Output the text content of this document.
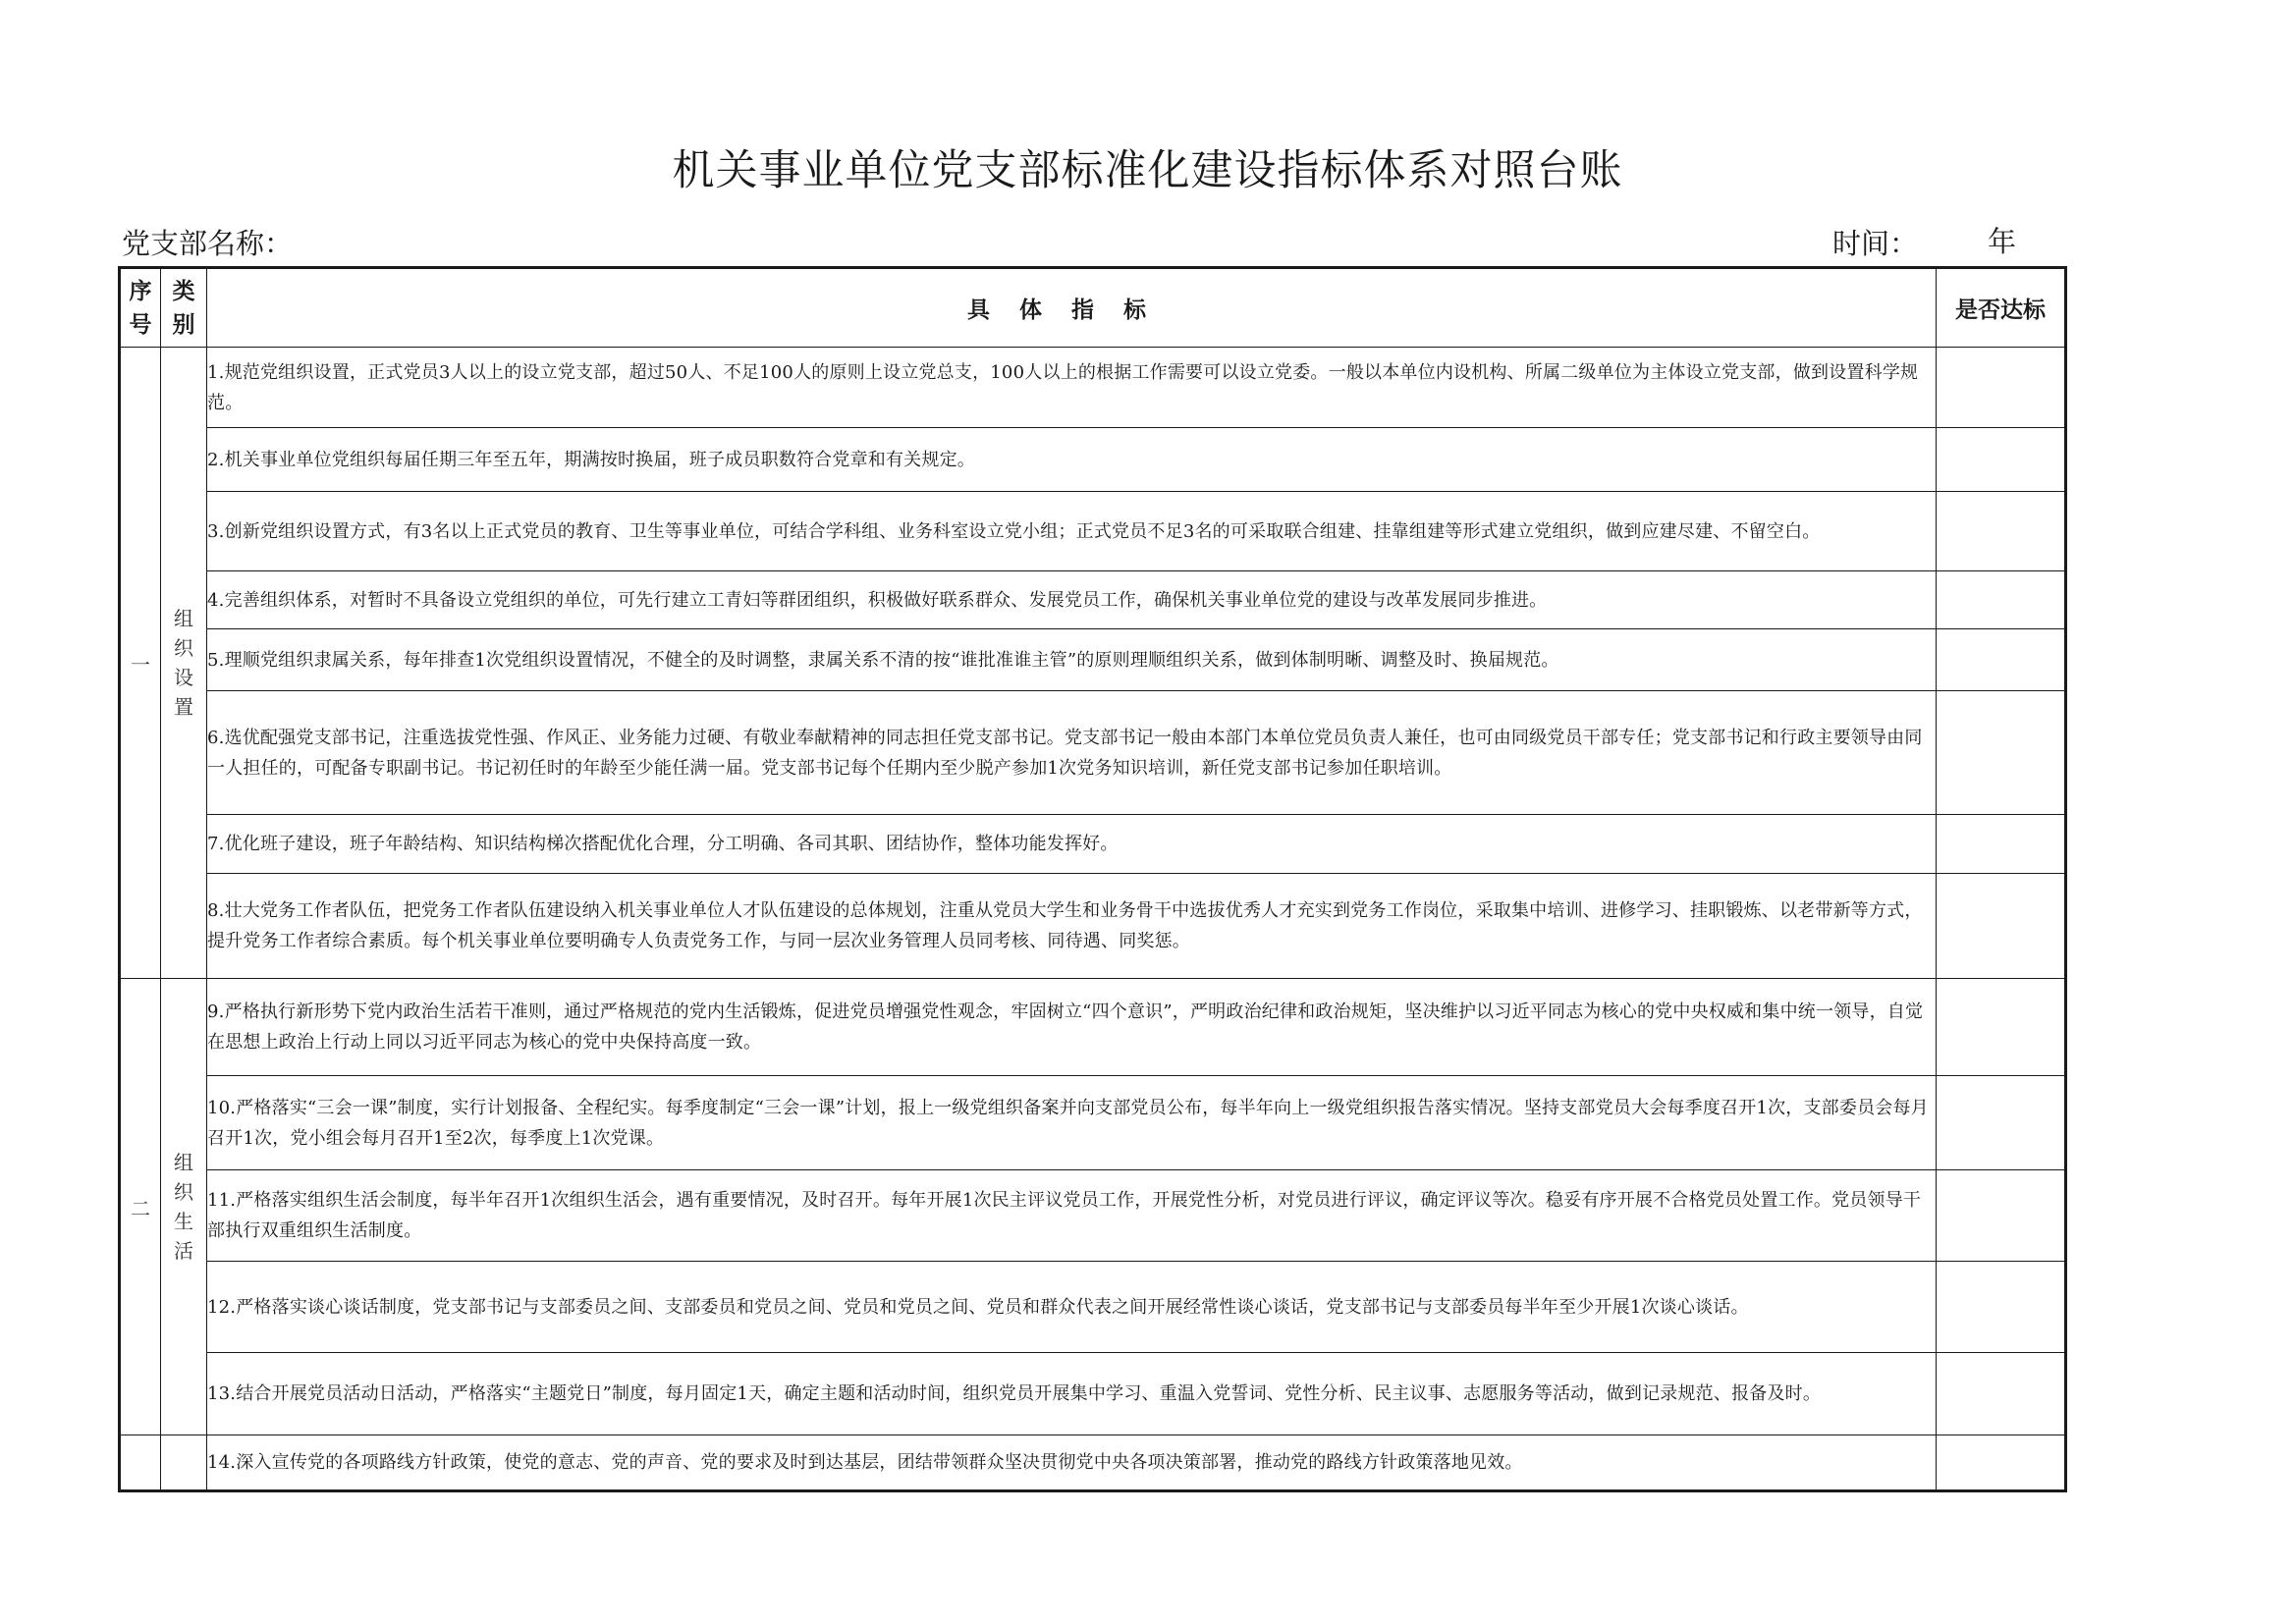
机关事业单位党支部标准化建设指标体系对照台账
党支部名称：	时间： 年
序号	类别	具体指标	是否达标
一	组织设置	1.规范党组织设置，正式党员3人以上的设立党支部，超过50人、不足100人的原则上设立党总支，100人以上的根据工作需要可以设立党委。一般以本单位内设机构、所属二级单位为主体设立党支部，做到设置科学规范。	
		2.机关事业单位党组织每届任期三年至五年，期满按时换届，班子成员职数符合党章和有关规定。	
		3.创新党组织设置方式，有3名以上正式党员的教育、卫生等事业单位，可结合学科组、业务科室设立党小组；正式党员不足3名的可采取联合组建、挂靠组建等形式建立党组织，做到应建尽建、不留空白。	
		4.完善组织体系，对暂时不具备设立党组织的单位，可先行建立工青妇等群团组织，积极做好联系群众、发展党员工作，确保机关事业单位党的建设与改革发展同步推进。	
		5.理顺党组织隶属关系，每年排查1次党组织设置情况，不健全的及时调整，隶属关系不清的按“谁批准谁主管”的原则理顺组织关系，做到体制明晰、调整及时、换届规范。	
		6.选优配强党支部书记，注重选拔党性强、作风正、业务能力过硬、有敬业奉献精神的同志担任党支部书记。党支部书记一般由本部门本单位党员负责人兼任，也可由同级党员干部专任；党支部书记和行政主要领导由同一人担任的，可配备专职副书记。书记初任时的年龄至少能任满一届。党支部书记每个任期内至少脱产参加1次党务知识培训，新任党支部书记参加任职培训。	
		7.优化班子建设，班子年龄结构、知识结构梯次搭配优化合理，分工明确、各司其职、团结协作，整体功能发挥好。	
		8.壮大党务工作者队伍，把党务工作者队伍建设纳入机关事业单位人才队伍建设的总体规划，注重从党员大学生和业务骨干中选拔优秀人才充实到党务工作岗位，采取集中培训、进修学习、挂职锻炼、以老带新等方式，提升党务工作者综合素质。每个机关事业单位要明确专人负责党务工作，与同一层次业务管理人员同考核、同待遇、同奖惩。	
二	组织生活	9.严格执行新形势下党内政治生活若干准则，通过严格规范的党内生活锻炼，促进党员增强党性观念，牢固树立“四个意识”，严明政治纪律和政治规矩，坚决维护以习近平同志为核心的党中央权威和集中统一领导，自觉在思想上政治上行动上同以习近平同志为核心的党中央保持高度一致。	
		10.严格落实“三会一课”制度，实行计划报备、全程纪实。每季度制定“三会一课”计划，报上一级党组织备案并向支部党员公布，每半年向上一级党组织报告落实情况。坚持支部党员大会每季度召开1次，支部委员会每月召开1次，党小组会每月召开1至2次，每季度上1次党课。	
		11.严格落实组织生活会制度，每半年召开1次组织生活会，遇有重要情况，及时召开。每年开展1次民主评议党员工作，开展党性分析，对党员进行评议，确定评议等次。稳妥有序开展不合格党员处置工作。党员领导干部执行双重组织生活制度。	
		12.严格落实谈心谈话制度，党支部书记与支部委员之间、支部委员和党员之间、党员和党员之间、党员和群众代表之间开展经常性谈心谈话，党支部书记与支部委员每半年至少开展1次谈心谈话。	
		13.结合开展党员活动日活动，严格落实“主题党日”制度，每月固定1天，确定主题和活动时间，组织党员开展集中学习、重温入党誓词、党性分析、民主议事、志愿服务等活动，做到记录规范、报备及时。	
		14.深入宣传党的各项路线方针政策，使党的意志、党的声音、党的要求及时到达基层，团结带领群众坚决贯彻党中央各项决策部署，推动党的路线方针政策落地见效。	
